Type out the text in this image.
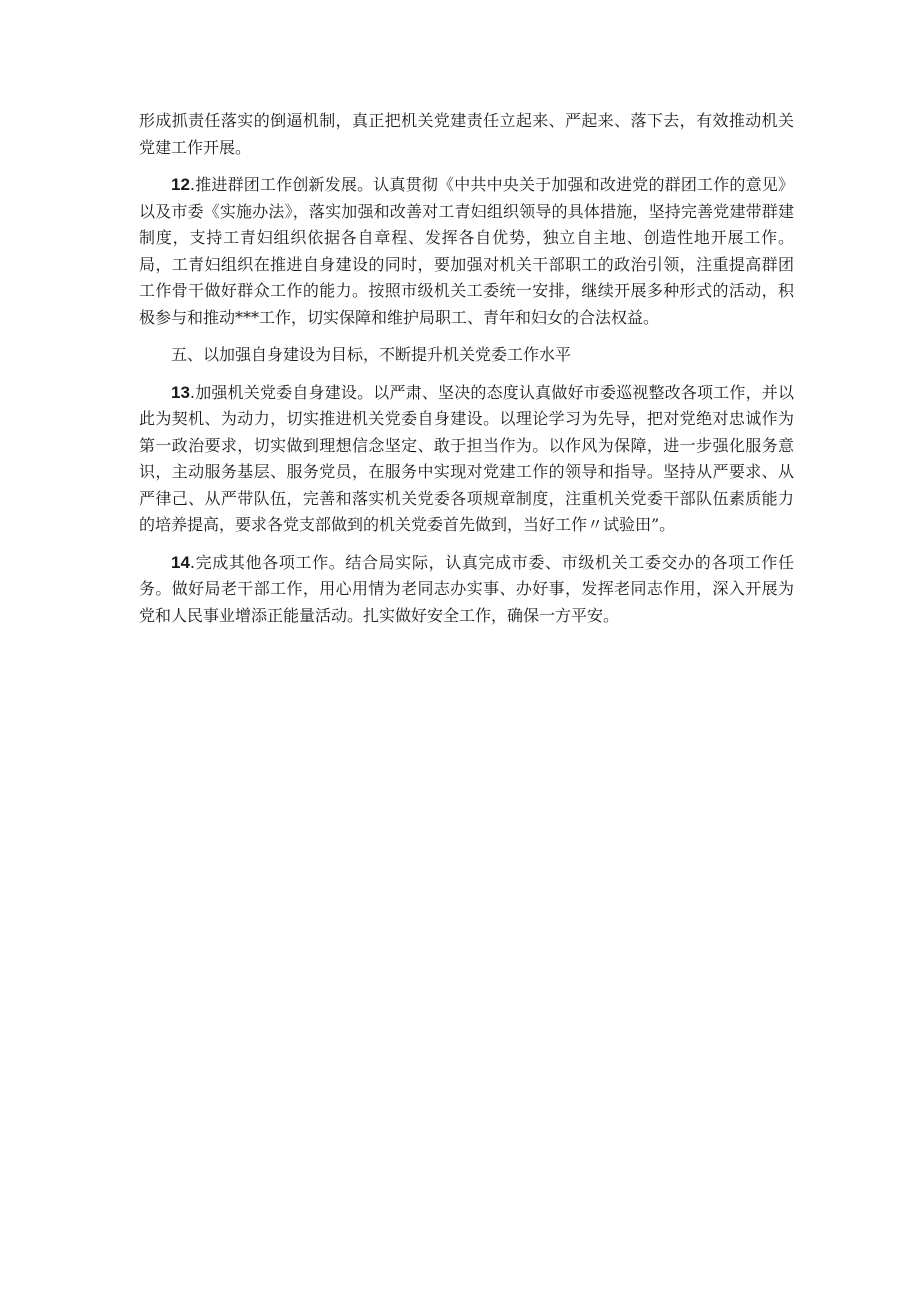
形成抓责任落实的倒逼机制，真正把机关党建责任立起来、严起来、落下去，有效推动机关党建工作开展。

12.推进群团工作创新发展。认真贯彻《中共中央关于加强和改进党的群团工作的意见》以及市委《实施办法》，落实加强和改善对工青妇组织领导的具体措施，坚持完善党建带群建制度，支持工青妇组织依据各自章程、发挥各自优势，独立自主地、创造性地开展工作。局，工青妇组织在推进自身建设的同时，要加强对机关干部职工的政治引领，注重提高群团工作骨干做好群众工作的能力。按照市级机关工委统一安排，继续开展多种形式的活动，积极参与和推动***工作，切实保障和维护局职工、青年和妇女的合法权益。

五、以加强自身建设为目标，不断提升机关党委工作水平

13.加强机关党委自身建设。以严肃、坚决的态度认真做好市委巡视整改各项工作，并以此为契机、为动力，切实推进机关党委自身建设。以理论学习为先导，把对党绝对忠诚作为第一政治要求，切实做到理想信念坚定、敢于担当作为。以作风为保障，进一步强化服务意识，主动服务基层、服务党员，在服务中实现对党建工作的领导和指导。坚持从严要求、从严律己、从严带队伍，完善和落实机关党委各项规章制度，注重机关党委干部队伍素质能力的培养提高，要求各党支部做到的机关党委首先做到，当好工作〃试验田”。

14.完成其他各项工作。结合局实际，认真完成市委、市级机关工委交办的各项工作任务。做好局老干部工作，用心用情为老同志办实事、办好事，发挥老同志作用，深入开展为党和人民事业增添正能量活动。扎实做好安全工作，确保一方平安。
